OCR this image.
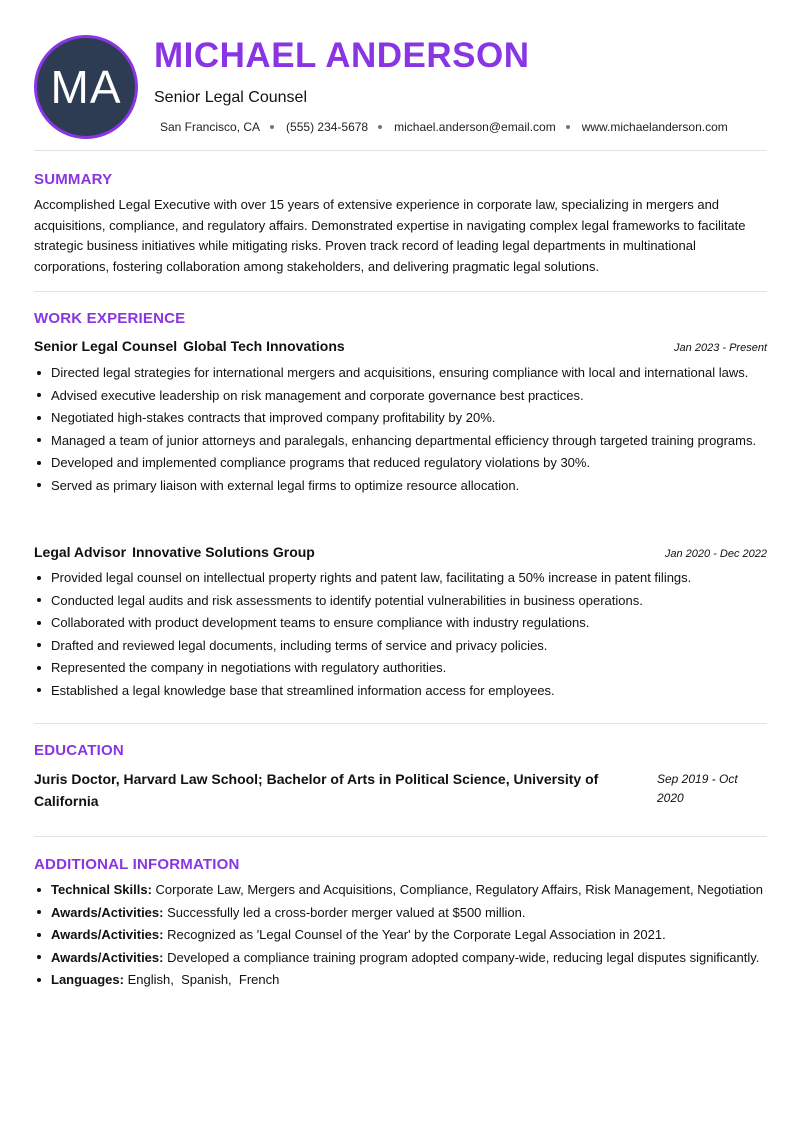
MA
MICHAEL ANDERSON
Senior Legal Counsel
San Francisco, CA (555) 234-5678 michael.anderson@email.com www.michaelanderson.com
SUMMARY
Accomplished Legal Executive with over 15 years of extensive experience in corporate law, specializing in mergers and acquisitions, compliance, and regulatory affairs. Demonstrated expertise in navigating complex legal frameworks to facilitate strategic business initiatives while mitigating risks. Proven track record of leading legal departments in multinational corporations, fostering collaboration among stakeholders, and delivering pragmatic legal solutions.
WORK EXPERIENCE
Senior Legal Counsel Global Tech Innovations	Jan 2023 - Present
Directed legal strategies for international mergers and acquisitions, ensuring compliance with local and international laws.
Advised executive leadership on risk management and corporate governance best practices.
Negotiated high-stakes contracts that improved company profitability by 20%.
Managed a team of junior attorneys and paralegals, enhancing departmental efficiency through targeted training programs.
Developed and implemented compliance programs that reduced regulatory violations by 30%.
Served as primary liaison with external legal firms to optimize resource allocation.
Legal Advisor Innovative Solutions Group	Jan 2020 - Dec 2022
Provided legal counsel on intellectual property rights and patent law, facilitating a 50% increase in patent filings.
Conducted legal audits and risk assessments to identify potential vulnerabilities in business operations.
Collaborated with product development teams to ensure compliance with industry regulations.
Drafted and reviewed legal documents, including terms of service and privacy policies.
Represented the company in negotiations with regulatory authorities.
Established a legal knowledge base that streamlined information access for employees.
EDUCATION
Juris Doctor, Harvard Law School; Bachelor of Arts in Political Science, University of California
Sep 2019 - Oct 2020
ADDITIONAL INFORMATION
Technical Skills: Corporate Law, Mergers and Acquisitions, Compliance, Regulatory Affairs, Risk Management, Negotiation
Awards/Activities: Successfully led a cross-border merger valued at $500 million.
Awards/Activities: Recognized as 'Legal Counsel of the Year' by the Corporate Legal Association in 2021.
Awards/Activities: Developed a compliance training program adopted company-wide, reducing legal disputes significantly.
Languages: English,  Spanish,  French
